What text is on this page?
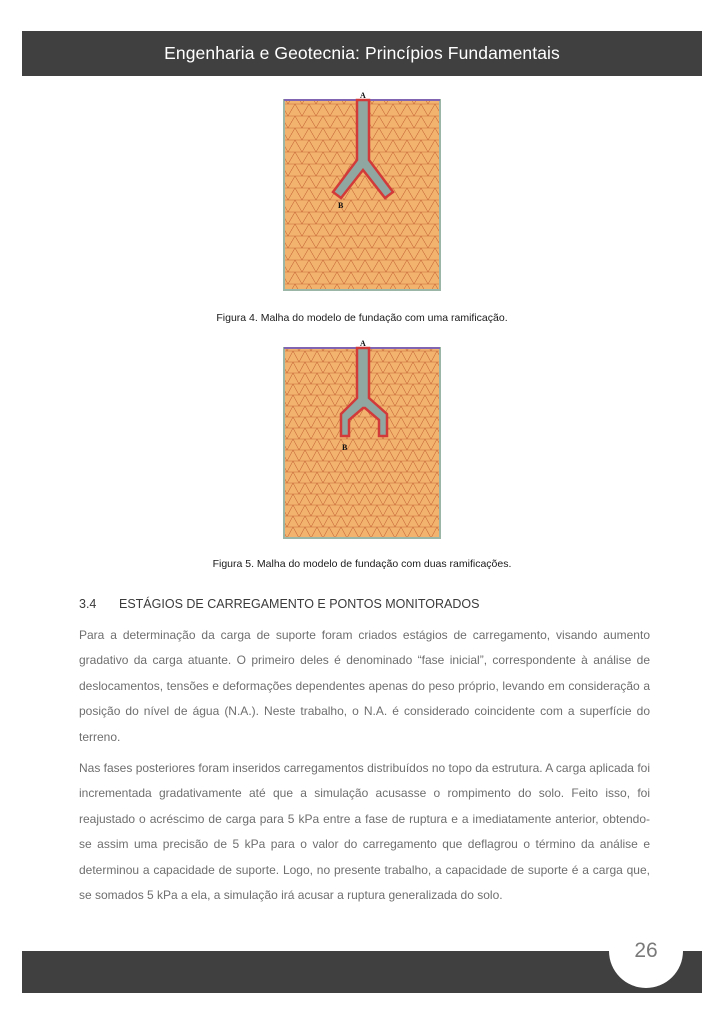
Engenharia e Geotecnia: Princípios Fundamentais
A
B
Figura 4. Malha do modelo de fundação com uma ramificação.
A
B
Figura 5. Malha do modelo de fundação com duas ramificações.
3.4 ESTÁGIOS DE CARREGAMENTO E PONTOS MONITORADOS

Para a determinação da carga de suporte foram criados estágios de carregamento, visando aumento gradativo da carga atuante. O primeiro deles é denominado “fase inicial”, correspondente à análise de deslocamentos, tensões e deformações dependentes apenas do peso próprio, levando em consideração a posição do nível de água (N.A.). Neste trabalho, o N.A. é considerado coincidente com a superfície do terreno.

Nas fases posteriores foram inseridos carregamentos distribuídos no topo da estrutura. A carga aplicada foi incrementada gradativamente até que a simulação acusasse o rompimento do solo. Feito isso, foi reajustado o acréscimo de carga para 5 kPa entre a fase de ruptura e a imediatamente anterior, obtendo-se assim uma precisão de 5 kPa para o valor do carregamento que deflagrou o término da análise e determinou a capacidade de suporte. Logo, no presente trabalho, a capacidade de suporte é a carga que, se somados 5 kPa a ela, a simulação irá acusar a ruptura generalizada do solo.

26
